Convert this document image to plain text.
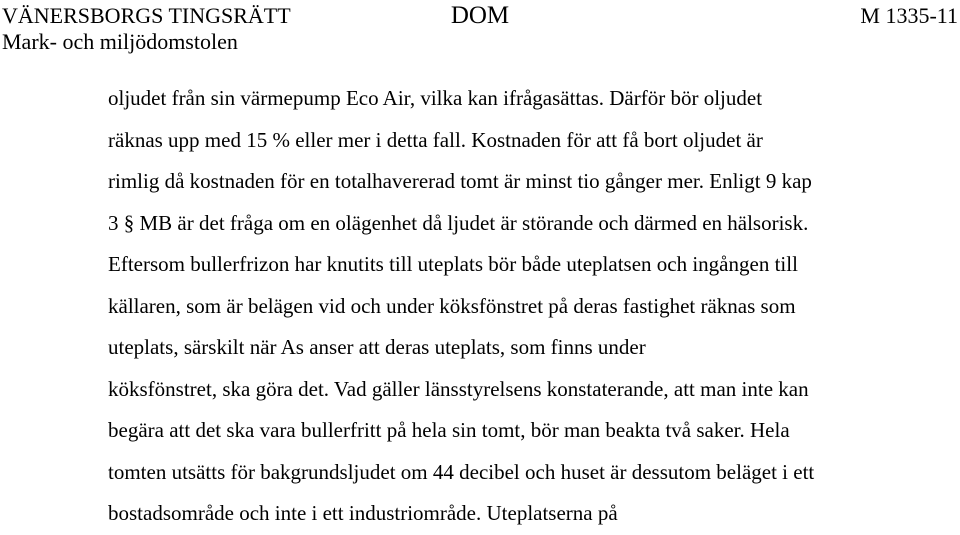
VÄNERSBORGS TINGSRÄTT
Mark- och miljödomstolen
DOM	M 1335-11
oljudet från sin värmepump Eco Air, vilka kan ifrågasättas. Därför bör oljudet
räknas upp med 15 % eller mer i detta fall. Kostnaden för att få bort oljudet är
rimlig då kostnaden för en totalhavererad tomt är minst tio gånger mer. Enligt 9 kap
3 § MB är det fråga om en olägenhet då ljudet är störande och därmed en hälsorisk.
Eftersom bullerfrizon har knutits till uteplats bör både uteplatsen och ingången till
källaren, som är belägen vid och under köksfönstret på deras fastighet räknas som
uteplats, särskilt när As anser att deras uteplats, som finns under
köksfönstret, ska göra det. Vad gäller länsstyrelsens konstaterande, att man inte kan
begära att det ska vara bullerfritt på hela sin tomt, bör man beakta två saker. Hela
tomten utsätts för bakgrundsljudet om 44 decibel och huset är dessutom beläget i ett
bostadsområde och inte i ett industriområde. Uteplatserna på
